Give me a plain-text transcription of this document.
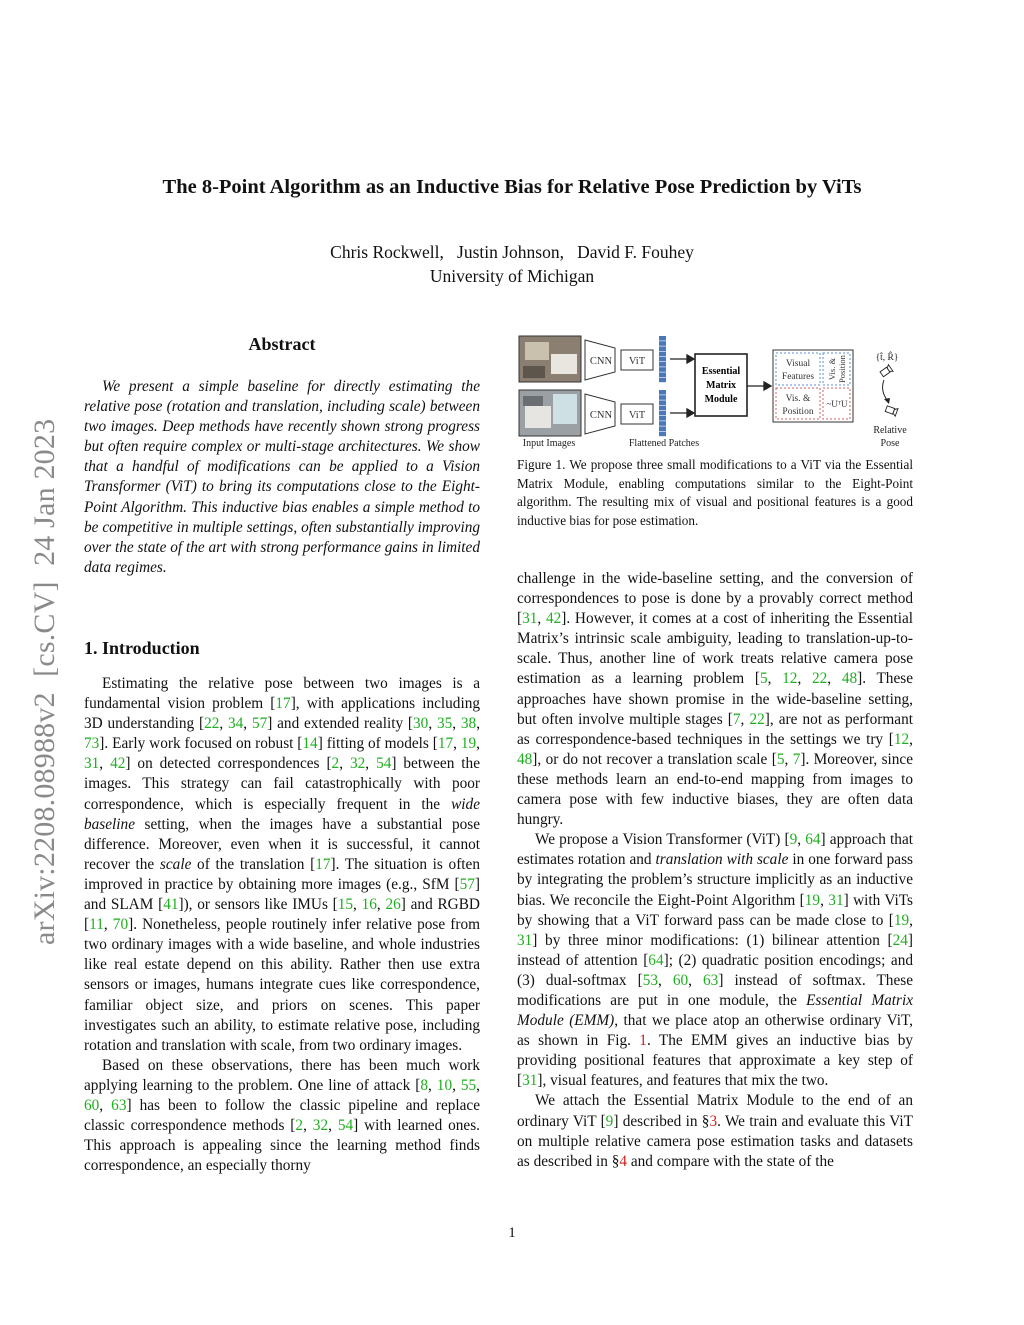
The 8-Point Algorithm as an Inductive Bias for Relative Pose Prediction by ViTs
Chris Rockwell,   Justin Johnson,   David F. Fouhey
University of Michigan
arXiv:2208.08988v2  [cs.CV]  24 Jan 2023
Abstract

We present a simple baseline for directly estimating the relative pose (rotation and translation, including scale) between two images. Deep methods have recently shown strong progress but often require complex or multi-stage architectures. We show that a handful of modifications can be applied to a Vision Transformer (ViT) to bring its computations close to the Eight-Point Algorithm. This inductive bias enables a simple method to be competitive in multiple settings, often substantially improving over the state of the art with strong performance gains in limited data regimes.

1. Introduction

Estimating the relative pose between two images is a fundamental vision problem [17], with applications including 3D understanding [22, 34, 57] and extended reality [30, 35, 38, 73]. Early work focused on robust [14] fitting of models [17, 19, 31, 42] on detected correspondences [2, 32, 54] between the images. This strategy can fail catastrophically with poor correspondence, which is especially frequent in the wide baseline setting, when the images have a substantial pose difference. Moreover, even when it is successful, it cannot recover the scale of the translation [17]. The situation is often improved in practice by obtaining more images (e.g., SfM [57] and SLAM [41]), or sensors like IMUs [15, 16, 26] and RGBD [11, 70]. Nonetheless, people routinely infer relative pose from two ordinary images with a wide baseline, and whole industries like real estate depend on this ability. Rather then use extra sensors or images, humans integrate cues like correspondence, familiar object size, and priors on scenes. This paper investigates such an ability, to estimate relative pose, including rotation and translation with scale, from two ordinary images.

Based on these observations, there has been much work applying learning to the problem. One line of attack [8, 10, 55, 60, 63] has been to follow the classic pipeline and replace classic correspondence methods [2, 32, 54] with learned ones. This approach is appealing since the learning method finds correspondence, an especially thorny

CNN
CNN
ViT
ViT
Essential
Matrix
Module
Visual
Features Vis. & Position
Vis. &
Position
~UᵀU
{t̂, R̂}
Input Images	Flattened Patches
Relative
Pose
Figure 1. We propose three small modifications to a ViT via the Essential Matrix Module, enabling computations similar to the Eight-Point algorithm. The resulting mix of visual and positional features is a good inductive bias for pose estimation.

challenge in the wide-baseline setting, and the conversion of correspondences to pose is done by a provably correct method [31, 42]. However, it comes at a cost of inheriting the Essential Matrix’s intrinsic scale ambiguity, leading to translation-up-to-scale. Thus, another line of work treats relative camera pose estimation as a learning problem [5, 12, 22, 48]. These approaches have shown promise in the wide-baseline setting, but often involve multiple stages [7, 22], are not as performant as correspondence-based techniques in the settings we try [12, 48], or do not recover a translation scale [5, 7]. Moreover, since these methods learn an end-to-end mapping from images to camera pose with few inductive biases, they are often data hungry.

We propose a Vision Transformer (ViT) [9, 64] approach that estimates rotation and translation with scale in one forward pass by integrating the problem’s structure implicitly as an inductive bias. We reconcile the Eight-Point Algorithm [19, 31] with ViTs by showing that a ViT forward pass can be made close to [19, 31] by three minor modifications: (1) bilinear attention [24] instead of attention [64]; (2) quadratic position encodings; and (3) dual-softmax [53, 60, 63] instead of softmax. These modifications are put in one module, the Essential Matrix Module (EMM), that we place atop an otherwise ordinary ViT, as shown in Fig. 1. The EMM gives an inductive bias by providing positional features that approximate a key step of [31], visual features, and features that mix the two.

We attach the Essential Matrix Module to the end of an ordinary ViT [9] described in §3. We train and evaluate this ViT on multiple relative camera pose estimation tasks and datasets as described in §4 and compare with the state of the

1
